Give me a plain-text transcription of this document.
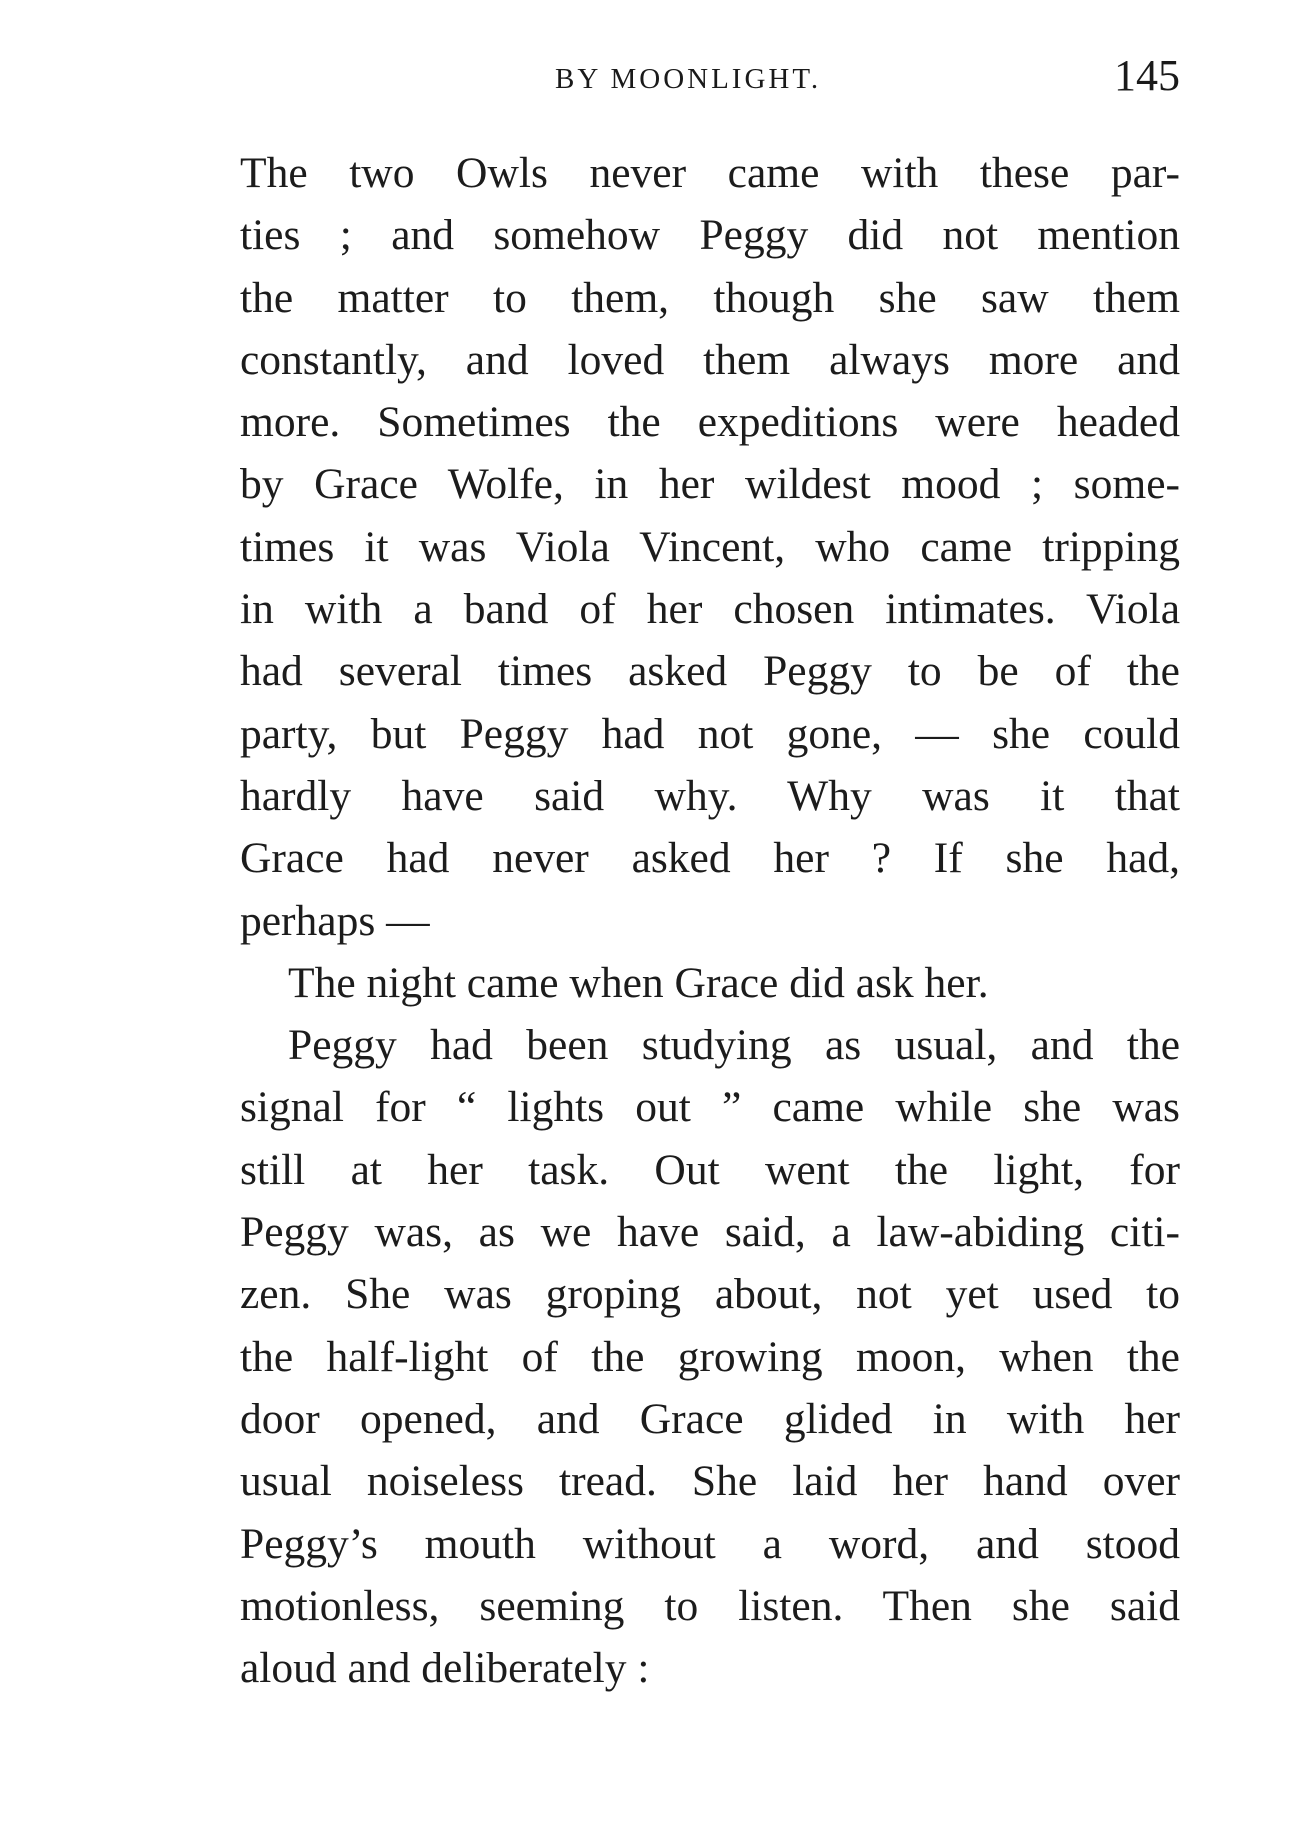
BY MOONLIGHT.	145

The two Owls never came with these par-
ties ; and somehow Peggy did not mention
the matter to them, though she saw them
constantly, and loved them always more and
more. Sometimes the expeditions were headed
by Grace Wolfe, in her wildest mood ; some-
times it was Viola Vincent, who came tripping
in with a band of her chosen intimates. Viola
had several times asked Peggy to be of the
party, but Peggy had not gone, — she could
hardly have said why. Why was it that
Grace had never asked her ? If she had,
perhaps —

The night came when Grace did ask her.

Peggy had been studying as usual, and the
signal for “ lights out ” came while she was
still at her task. Out went the light, for
Peggy was, as we have said, a law-abiding citi-
zen. She was groping about, not yet used to
the half-light of the growing moon, when the
door opened, and Grace glided in with her
usual noiseless tread. She laid her hand over
Peggy’s mouth without a word, and stood
motionless, seeming to listen. Then she said
aloud and deliberately :
